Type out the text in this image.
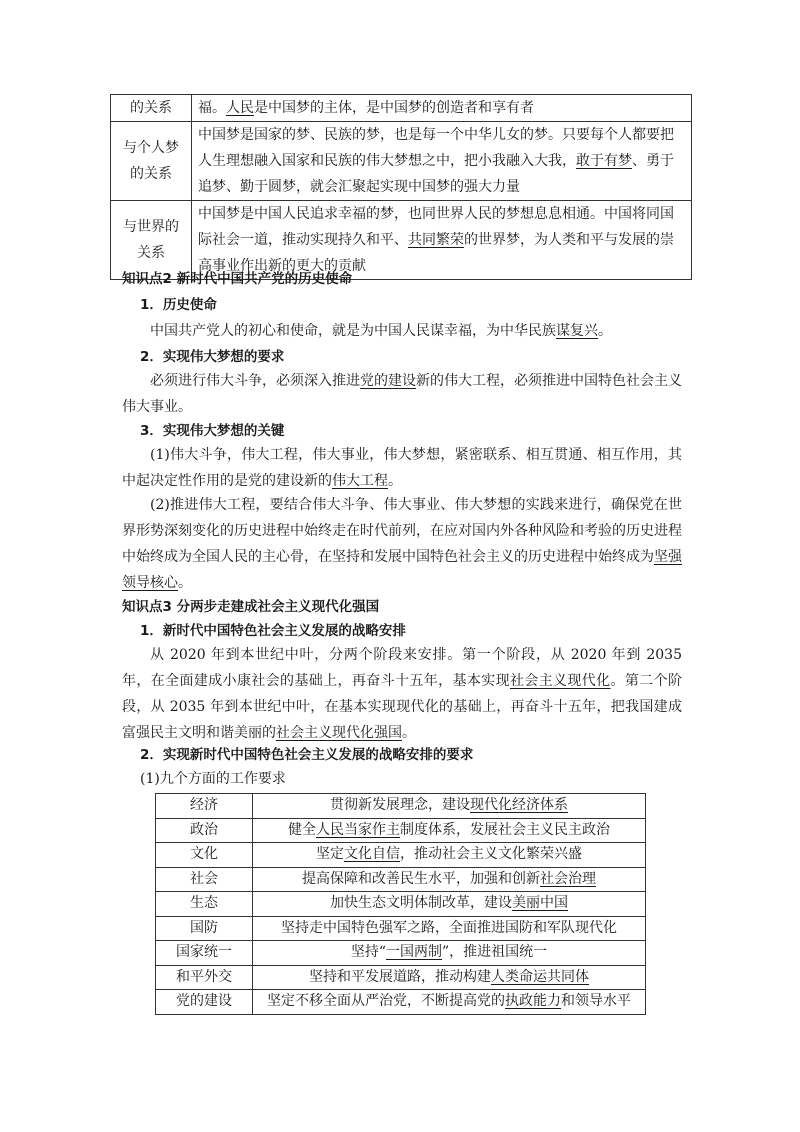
的关系	福。人民是中国梦的主体，是中国梦的创造者和享有者
与个人梦
的关系	中国梦是国家的梦、民族的梦，也是每一个中华儿女的梦。只要每个人都要把人生理想融入国家和民族的伟大梦想之中，把小我融入大我，敢于有梦、勇于追梦、勤于圆梦，就会汇聚起实现中国梦的强大力量
与世界的
关系	中国梦是中国人民追求幸福的梦，也同世界人民的梦想息息相通。中国将同国际社会一道，推动实现持久和平、共同繁荣的世界梦，为人类和平与发展的崇高事业作出新的更大的贡献

知识点2 新时代中国共产党的历史使命

1．历史使命

中国共产党人的初心和使命，就是为中国人民谋幸福，为中华民族谋复兴。

2．实现伟大梦想的要求

必须进行伟大斗争，必须深入推进党的建设新的伟大工程，必须推进中国特色社会主义伟大事业。

3．实现伟大梦想的关键

(1)伟大斗争，伟大工程，伟大事业，伟大梦想，紧密联系、相互贯通、相互作用，其中起决定性作用的是党的建设新的伟大工程。

(2)推进伟大工程，要结合伟大斗争、伟大事业、伟大梦想的实践来进行，确保党在世界形势深刻变化的历史进程中始终走在时代前列，在应对国内外各种风险和考验的历史进程中始终成为全国人民的主心骨，在坚持和发展中国特色社会主义的历史进程中始终成为坚强领导核心。

知识点3 分两步走建成社会主义现代化强国

1．新时代中国特色社会主义发展的战略安排

从 2020 年到本世纪中叶，分两个阶段来安排。第一个阶段，从 2020 年到 2035 年，在全面建成小康社会的基础上，再奋斗十五年，基本实现社会主义现代化。第二个阶段，从 2035 年到本世纪中叶，在基本实现现代化的基础上，再奋斗十五年，把我国建成富强民主文明和谐美丽的社会主义现代化强国。

2．实现新时代中国特色社会主义发展的战略安排的要求

(1)九个方面的工作要求

经济	贯彻新发展理念，建设现代化经济体系
政治	健全人民当家作主制度体系，发展社会主义民主政治
文化	坚定文化自信，推动社会主义文化繁荣兴盛
社会	提高保障和改善民生水平，加强和创新社会治理
生态	加快生态文明体制改革，建设美丽中国
国防	坚持走中国特色强军之路，全面推进国防和军队现代化
国家统一	坚持“一国两制”，推进祖国统一
和平外交	坚持和平发展道路，推动构建人类命运共同体
党的建设	坚定不移全面从严治党，不断提高党的执政能力和领导水平
